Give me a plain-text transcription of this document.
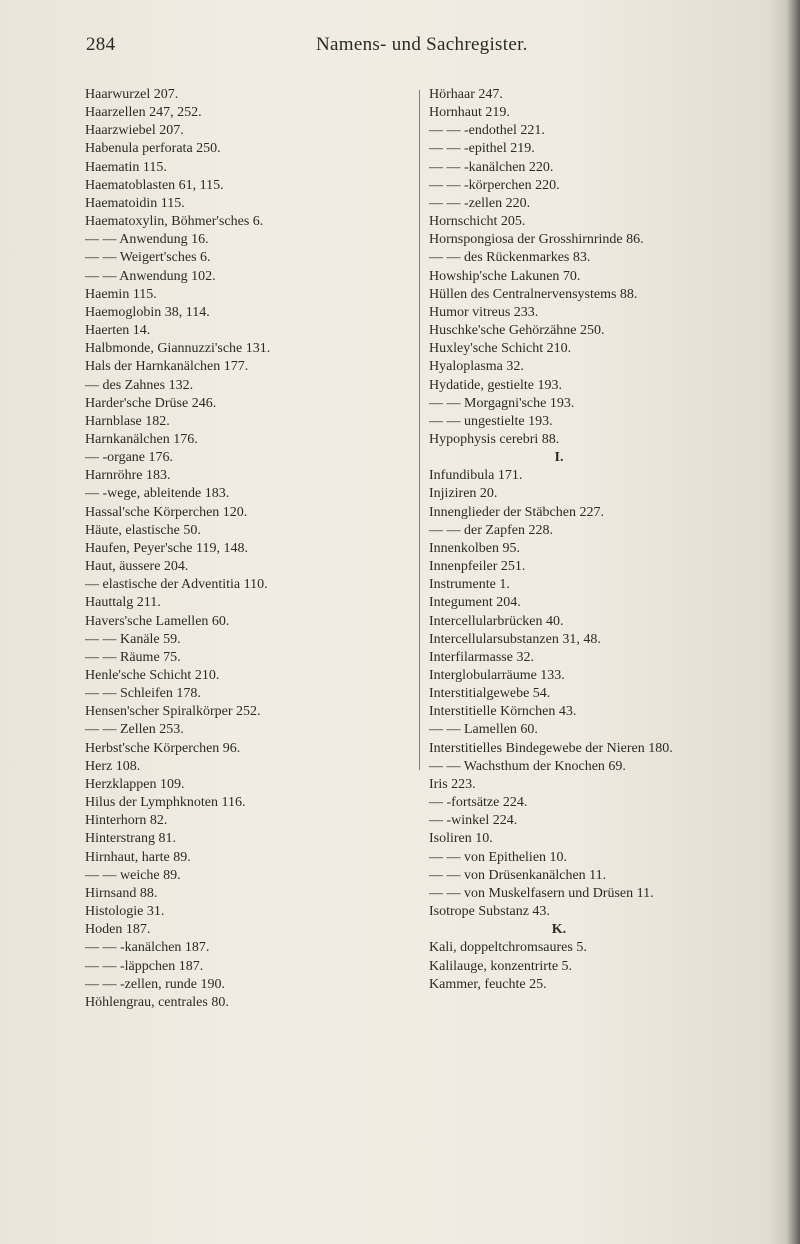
284	Namens- und Sachregister.
Haarwurzel 207.
Haarzellen 247, 252.
Haarzwiebel 207.
Habenula perforata 250.
Haematin 115.
Haematoblasten 61, 115.
Haematoidin 115.
Haematoxylin, Böhmer'sches 6.
— — Anwendung 16.
— — Weigert'sches 6.
— — Anwendung 102.
Haemin 115.
Haemoglobin 38, 114.
Haerten 14.
Halbmonde, Giannuzzi'sche 131.
Hals der Harnkanälchen 177.
— des Zahnes 132.
Harder'sche Drüse 246.
Harnblase 182.
Harnkanälchen 176.
— -organe 176.
Harnröhre 183.
— -wege, ableitende 183.
Hassal'sche Körperchen 120.
Häute, elastische 50.
Haufen, Peyer'sche 119, 148.
Haut, äussere 204.
— elastische der Adventitia 110.
Hauttalg 211.
Havers'sche Lamellen 60.
— — Kanäle 59.
— — Räume 75.
Henle'sche Schicht 210.
— — Schleifen 178.
Hensen'scher Spiralkörper 252.
— — Zellen 253.
Herbst'sche Körperchen 96.
Herz 108.
Herzklappen 109.
Hilus der Lymphknoten 116.
Hinterhorn 82.
Hinterstrang 81.
Hirnhaut, harte 89.
— — weiche 89.
Hirnsand 88.
Histologie 31.
Hoden 187.
— — -kanälchen 187.
— — -läppchen 187.
— — -zellen, runde 190.
Höhlengrau, centrales 80.
Hörhaar 247.
Hornhaut 219.
— — -endothel 221.
— — -epithel 219.
— — -kanälchen 220.
— — -körperchen 220.
— — -zellen 220.
Hornschicht 205.
Hornspongiosa der Grosshirnrinde 86.
— — des Rückenmarkes 83.
Howship'sche Lakunen 70.
Hüllen des Centralnervensystems 88.
Humor vitreus 233.
Huschke'sche Gehörzähne 250.
Huxley'sche Schicht 210.
Hyaloplasma 32.
Hydatide, gestielte 193.
— — Morgagni'sche 193.
— — ungestielte 193.
Hypophysis cerebri 88.
I.
Infundibula 171.
Injiziren 20.
Innenglieder der Stäbchen 227.
— — der Zapfen 228.
Innenkolben 95.
Innenpfeiler 251.
Instrumente 1.
Integument 204.
Intercellularbrücken 40.
Intercellularsubstanzen 31, 48.
Interfilarmasse 32.
Interglobularräume 133.
Interstitialgewebe 54.
Interstitielle Körnchen 43.
— — Lamellen 60.
Interstitielles Bindegewebe der Nieren 180.
— — Wachsthum der Knochen 69.
Iris 223.
— -fortsätze 224.
— -winkel 224.
Isoliren 10.
— — von Epithelien 10.
— — von Drüsenkanälchen 11.
— — von Muskelfasern und Drüsen 11.
Isotrope Substanz 43.
K.
Kali, doppeltchromsaures 5.
Kalilauge, konzentrirte 5.
Kammer, feuchte 25.
